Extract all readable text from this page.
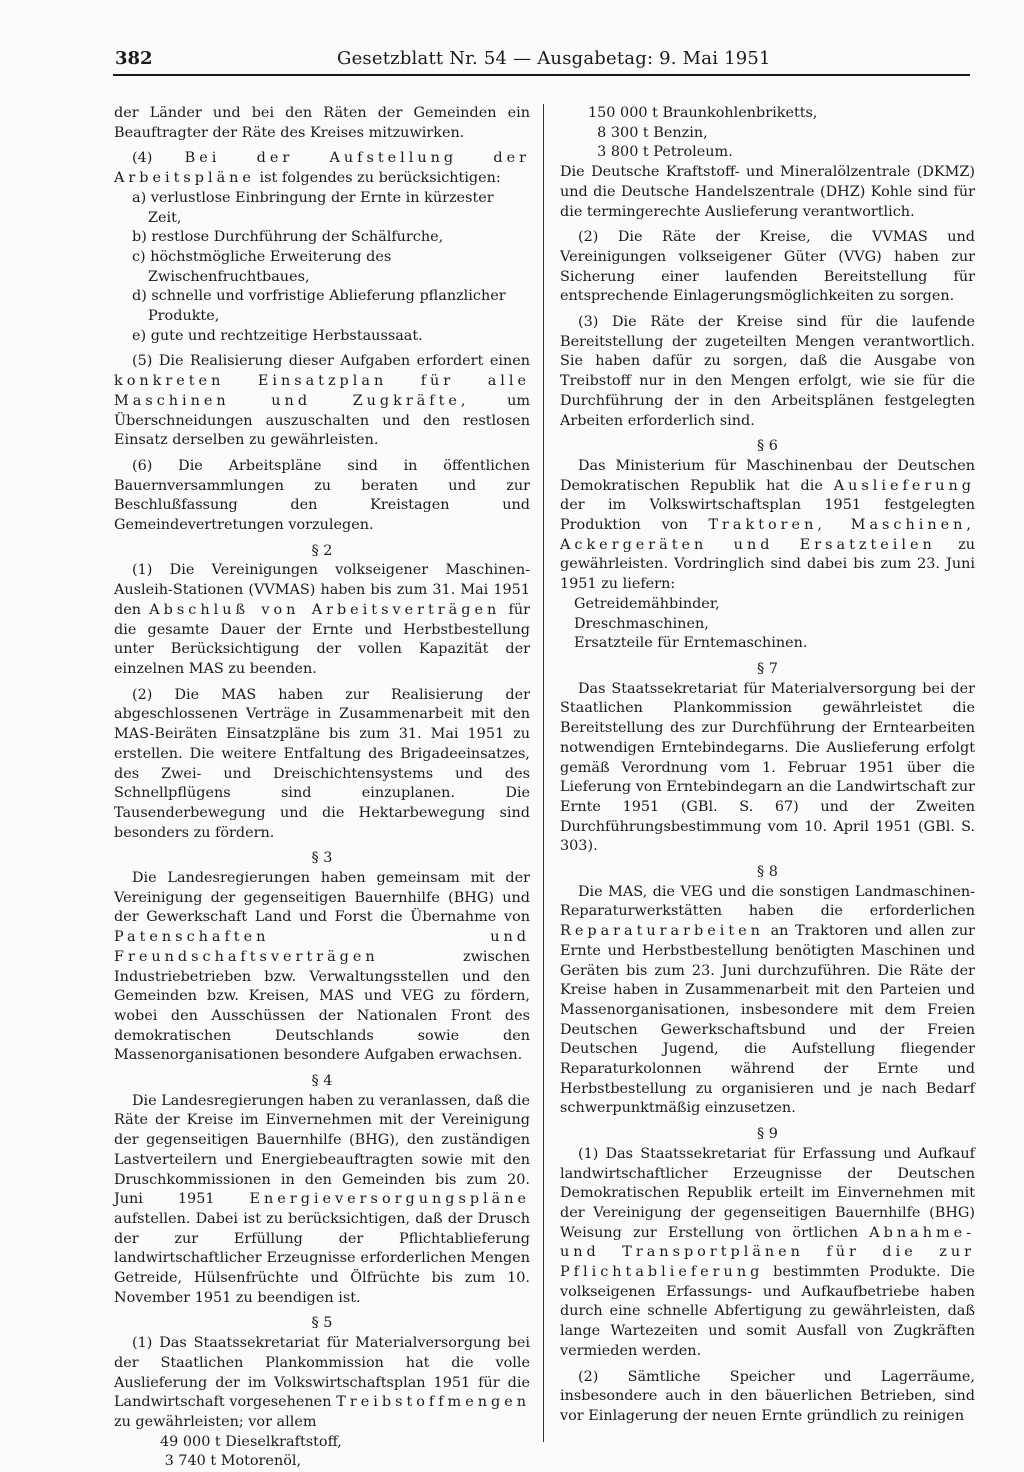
382	Gesetzblatt Nr. 54 — Ausgabetag: 9. Mai 1951

der Länder und bei den Räten der Gemeinden ein Beauftragter der Räte des Kreises mitzuwirken.

(4) Bei der Aufstellung der Arbeitspläne ist folgendes zu berücksichtigen:

a) verlustlose Einbringung der Ernte in kürzester Zeit,
b) restlose Durchführung der Schälfurche,
c) höchstmögliche Erweiterung des Zwischenfruchtbaues,
d) schnelle und vorfristige Ablieferung pflanzlicher Produkte,
e) gute und rechtzeitige Herbstaussaat.

(5) Die Realisierung dieser Aufgaben erfordert einen konkreten Einsatzplan für alle Maschinen und Zugkräfte,	um Überschneidungen auszuschalten und den restlosen Einsatz derselben zu gewährleisten.

(6) Die Arbeitspläne sind in öffentlichen Bauernversammlungen zu beraten und zur Beschlußfassung den Kreistagen und Gemeindevertretungen vorzulegen.

§ 2

(1) Die Vereinigungen volkseigener Maschinen-Ausleih-Stationen (VVMAS) haben bis zum 31. Mai 1951 den Abschluß von Arbeitsverträgen für die gesamte Dauer der Ernte und Herbstbestellung unter Berücksichtigung der vollen Kapazität der einzelnen MAS zu beenden.

(2) Die MAS haben zur Realisierung der abgeschlossenen Verträge in Zusammenarbeit mit den MAS-Beiräten Einsatzpläne bis zum 31. Mai 1951 zu erstellen. Die weitere Entfaltung des Brigadeeinsatzes, des Zwei- und Dreischichtensystems und des Schnellpflügens sind einzuplanen. Die Tausenderbewegung und die Hektarbewegung sind besonders zu fördern.

§ 3

Die Landesregierungen haben gemeinsam mit der Vereinigung der gegenseitigen Bauernhilfe (BHG) und der Gewerkschaft Land und Forst die Übernahme von Patenschaften und Freundschaftsverträgen	zwischen Industriebetrieben bzw. Verwaltungsstellen und den Gemeinden bzw. Kreisen, MAS und VEG zu fördern, wobei den Ausschüssen der Nationalen Front des demokratischen Deutschlands sowie den Massenorganisationen besondere Aufgaben erwachsen.

§ 4

Die Landesregierungen haben zu veranlassen, daß die Räte der Kreise im Einvernehmen mit der Vereinigung der gegenseitigen Bauernhilfe (BHG), den zuständigen Lastverteilern und Energiebeauftragten sowie mit den Druschkommissionen in den Gemeinden bis zum 20. Juni 1951 Energieversorgungspläne aufstellen. Dabei ist zu berücksichtigen, daß der Drusch der zur Erfüllung der Pflichtablieferung landwirtschaftlicher Erzeugnisse erforderlichen Mengen Getreide, Hülsenfrüchte und Ölfrüchte bis zum 10. November 1951 zu beendigen ist.

§ 5

(1) Das Staatssekretariat für Materialversorgung bei der Staatlichen Plankommission hat die volle Auslieferung der im Volkswirtschaftsplan 1951 für die Landwirtschaft vorgesehenen Treibstoffmengen zu gewährleisten; vor allem

49 000 t Dieselkraftstoff,
3 740 t Motorenöl,
150 000 t Braunkohlenbriketts,
8 300 t Benzin,
3 800 t Petroleum.

Die Deutsche Kraftstoff- und Mineralölzentrale (DKMZ) und die Deutsche Handelszentrale (DHZ) Kohle sind für die termingerechte Auslieferung verantwortlich.

(2) Die Räte der Kreise, die VVMAS und Vereinigungen volkseigener Güter (VVG) haben zur Sicherung einer laufenden Bereitstellung für entsprechende Einlagerungsmöglichkeiten zu sorgen.

(3) Die Räte der Kreise sind für die laufende Bereitstellung der zugeteilten Mengen verantwortlich. Sie haben dafür zu sorgen, daß die Ausgabe von Treibstoff nur in den Mengen erfolgt, wie sie für die Durchführung der in den Arbeitsplänen festgelegten Arbeiten erforderlich sind.

§ 6

Das Ministerium für Maschinenbau der Deutschen Demokratischen Republik hat die Auslieferung der im Volkswirtschaftsplan 1951 festgelegten Produktion von Traktoren, Maschinen, Ackergeräten und Ersatzteilen zu gewährleisten. Vordringlich sind dabei bis zum 23. Juni 1951 zu liefern:

Getreidemähbinder,
Dreschmaschinen,
Ersatzteile für Erntemaschinen.

§ 7

Das Staatssekretariat für Materialversorgung bei der Staatlichen Plankommission gewährleistet die Bereitstellung des zur Durchführung der Erntearbeiten notwendigen Erntebindegarns. Die Auslieferung erfolgt gemäß Verordnung vom 1. Februar 1951 über die Lieferung von Erntebindegarn an die Landwirtschaft zur Ernte 1951 (GBl. S. 67) und der Zweiten Durchführungsbestimmung vom 10. April 1951 (GBl. S. 303).

§ 8

Die MAS, die VEG und die sonstigen Landmaschinen-Reparaturwerkstätten haben die erforderlichen Reparaturarbeiten an Traktoren und allen zur Ernte und Herbstbestellung benötigten Maschinen und Geräten bis zum 23. Juni durchzuführen. Die Räte der Kreise haben in Zusammenarbeit mit den Parteien und Massenorganisationen, insbesondere mit dem Freien Deutschen Gewerkschaftsbund und der Freien Deutschen Jugend, die Aufstellung fliegender Reparaturkolonnen während der Ernte und Herbstbestellung zu organisieren und je nach Bedarf schwerpunktmäßig einzusetzen.

§ 9

(1) Das Staatssekretariat für Erfassung und Aufkauf landwirtschaftlicher Erzeugnisse der Deutschen Demokratischen Republik erteilt im Einvernehmen mit der Vereinigung der gegenseitigen Bauernhilfe (BHG) Weisung zur Erstellung von örtlichen Abnahme- und Transportplänen für die zur Pflichtablieferung bestimmten Produkte. Die volkseigenen Erfassungs- und Aufkaufbetriebe haben durch eine schnelle Abfertigung zu gewährleisten, daß lange Wartezeiten und somit Ausfall von Zugkräften vermieden werden.

(2) Sämtliche Speicher und Lagerräume, insbesondere auch in den bäuerlichen Betrieben, sind vor Einlagerung der neuen Ernte gründlich zu reinigen
